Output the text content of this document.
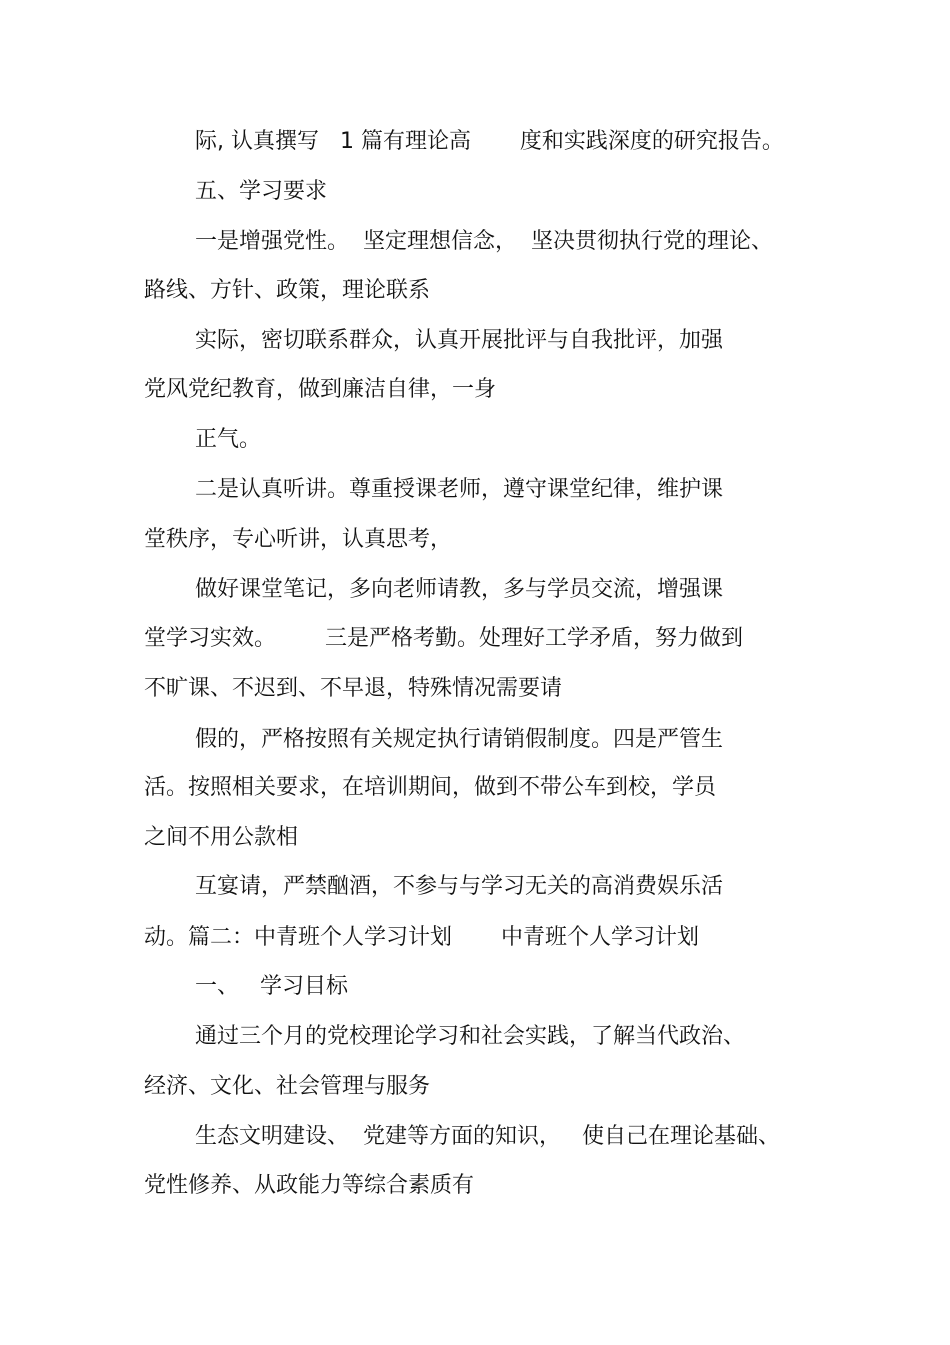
际, 认真撰写   1 篇有理论高       度和实践深度的研究报告。
五、学习要求
一是增强党性。  坚定理想信念，  坚决贯彻执行党的理论、
路线、方针、政策，理论联系
实际，密切联系群众，认真开展批评与自我批评，加强
党风党纪教育，做到廉洁自律，一身
正气。
二是认真听讲。尊重授课老师，遵守课堂纪律，维护课
堂秩序，专心听讲，认真思考，
做好课堂笔记，多向老师请教，多与学员交流，增强课
堂学习实效。       三是严格考勤。处理好工学矛盾，努力做到
不旷课、不迟到、不早退，特殊情况需要请
假的，严格按照有关规定执行请销假制度。四是严管生
活。按照相关要求，在培训期间，做到不带公车到校，学员
之间不用公款相
互宴请，严禁酗酒，不参与与学习无关的高消费娱乐活
动。篇二：中青班个人学习计划       中青班个人学习计划
一、   学习目标
通过三个月的党校理论学习和社会实践，了解当代政治、
经济、文化、社会管理与服务
生态文明建设、  党建等方面的知识，   使自己在理论基础、
党性修养、从政能力等综合素质有
